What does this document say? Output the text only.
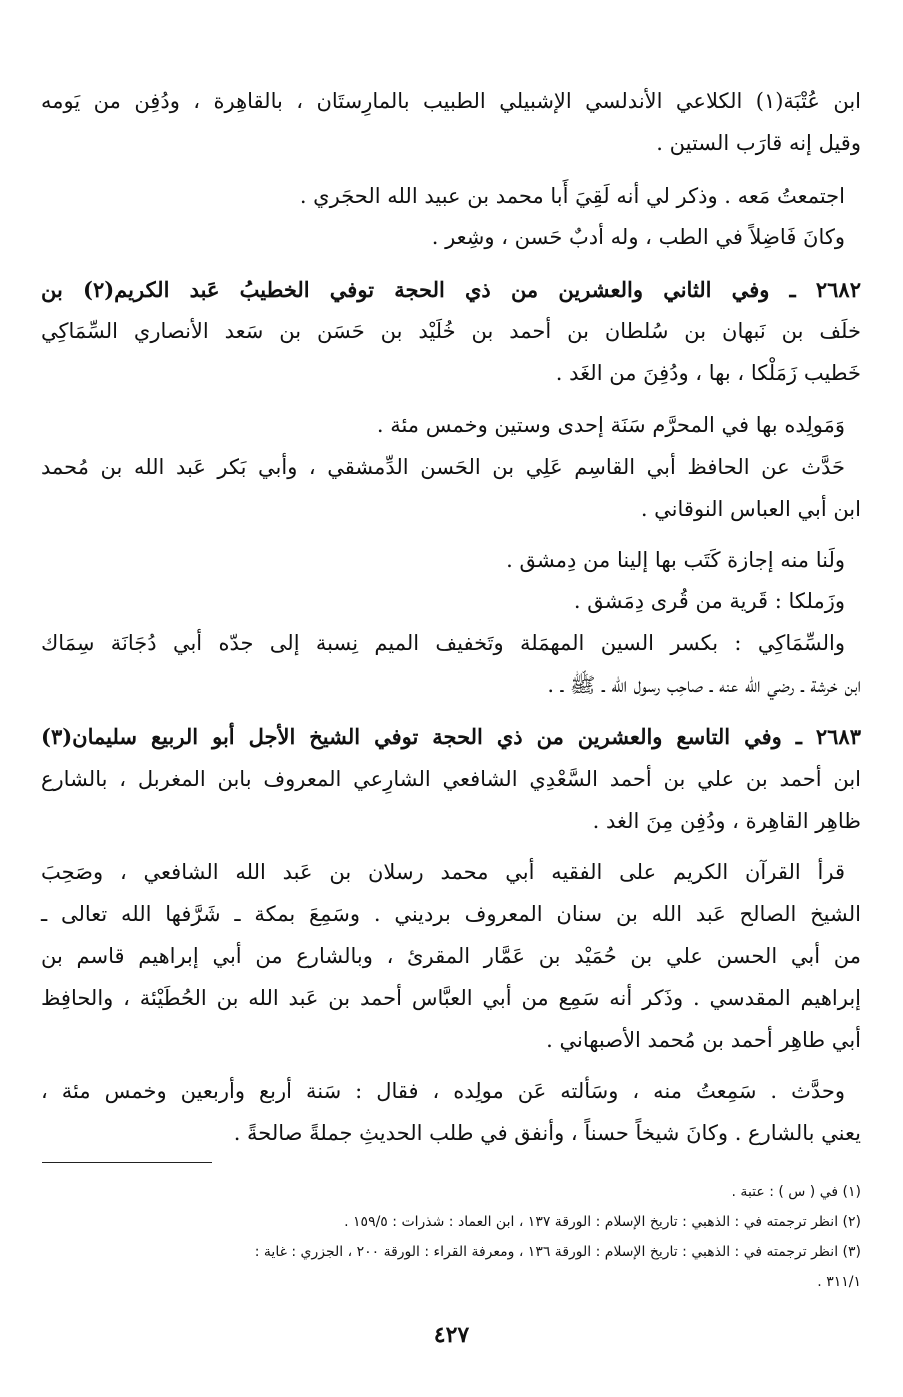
ابن عُتْبَة(١) الكلاعي الأندلسي الإشبيلي الطبيب بالمارِستَان ، بالقاهِرة ، ودُفِن من يَومه
وقيل إنه قارَب الستين .
اجتمعتُ مَعه . وذكر لي أنه لَقِيَ أَبا محمد بن عبيد الله الحجَري .
وكانَ فَاضِلاً في الطب ، وله أدبٌ حَسن ، وشِعر .
٢٦٨٢ ـ وفي الثاني والعشرين من ذي الحجة توفي الخطيبُ عَبد الكريم(٢) بن
خلَف بن نَبهان بن سُلطان بن أحمد بن خُلَيْد بن حَسَن بن سَعد الأنصاري السِّمَاكِي
خَطيب زَمَلْكا ، بها ، ودُفِنَ من الغَد .
وَمَولِده بها في المحرَّم سَنَة إحدى وستين وخمس مئة .
حَدَّث عن الحافظ أبي القاسِم عَلِي بن الحَسن الدِّمشقي ، وأبي بَكر عَبد الله بن مُحمد
ابن أبي العباس النوقاني .
ولَنا منه إجازة كَتَب بها إلينا من دِمشق .
وزَملكا : قَرية من قُرى دِمَشق .
والسِّمَاكِي : بكسر السين المهمَلة وتَخفيف الميم نِسبة إلى جدّه أبي دُجَانَة سِمَاك
ابن خرشة ـ رضي الله عنه ـ صاحِب رسول الله ـ ﷺ ـ .
٢٦٨٣ ـ وفي التاسع والعشرين من ذي الحجة توفي الشيخ الأجل أبو الربيع سليمان(٣)
ابن أحمد بن علي بن أحمد السَّعْدِي الشافعي الشارِعي المعروف بابن المغربل ، بالشارع
ظاهِر القاهِرة ، ودُفِن مِنَ الغد .
قرأ القرآن الكريم على الفقيه أبي محمد رسلان بن عَبد الله الشافعي ، وصَحِبَ
الشيخ الصالح عَبد الله بن سنان المعروف برديني . وسَمِعَ بمكة ـ شَرَّفها الله تعالى ـ
من أبي الحسن علي بن حُمَيْد بن عَمَّار المقرئ ، وبالشارع من أبي إبراهيم قاسم بن
إبراهيم المقدسي . وذَكر أنه سَمِع من أبي العبَّاس أحمد بن عَبد الله بن الحُطَيْئة ، والحافِظ
أبي طاهِر أحمد بن مُحمد الأصبهاني .
وحدَّث . سَمِعتُ منه ، وسَألته عَن مولِده ، فقال : سَنة أربع وأربعين وخمس مئة ،
يعني بالشارع . وكانَ شيخاً حسناً ، وأنفق في طلب الحديثِ جملةً صالحةً .
(١) في ( س ) : عتبة .
(٢) انظر ترجمته في : الذهبي : تاريخ الإسلام : الورقة ١٣٧ ، ابن العماد : شذرات : ١٥٩/٥ .
(٣) انظر ترجمته في : الذهبي : تاريخ الإسلام : الورقة ١٣٦ ، ومعرفة القراء : الورقة ٢٠٠ ، الجزري : غاية :
٣١١/١ .
٤٢٧
